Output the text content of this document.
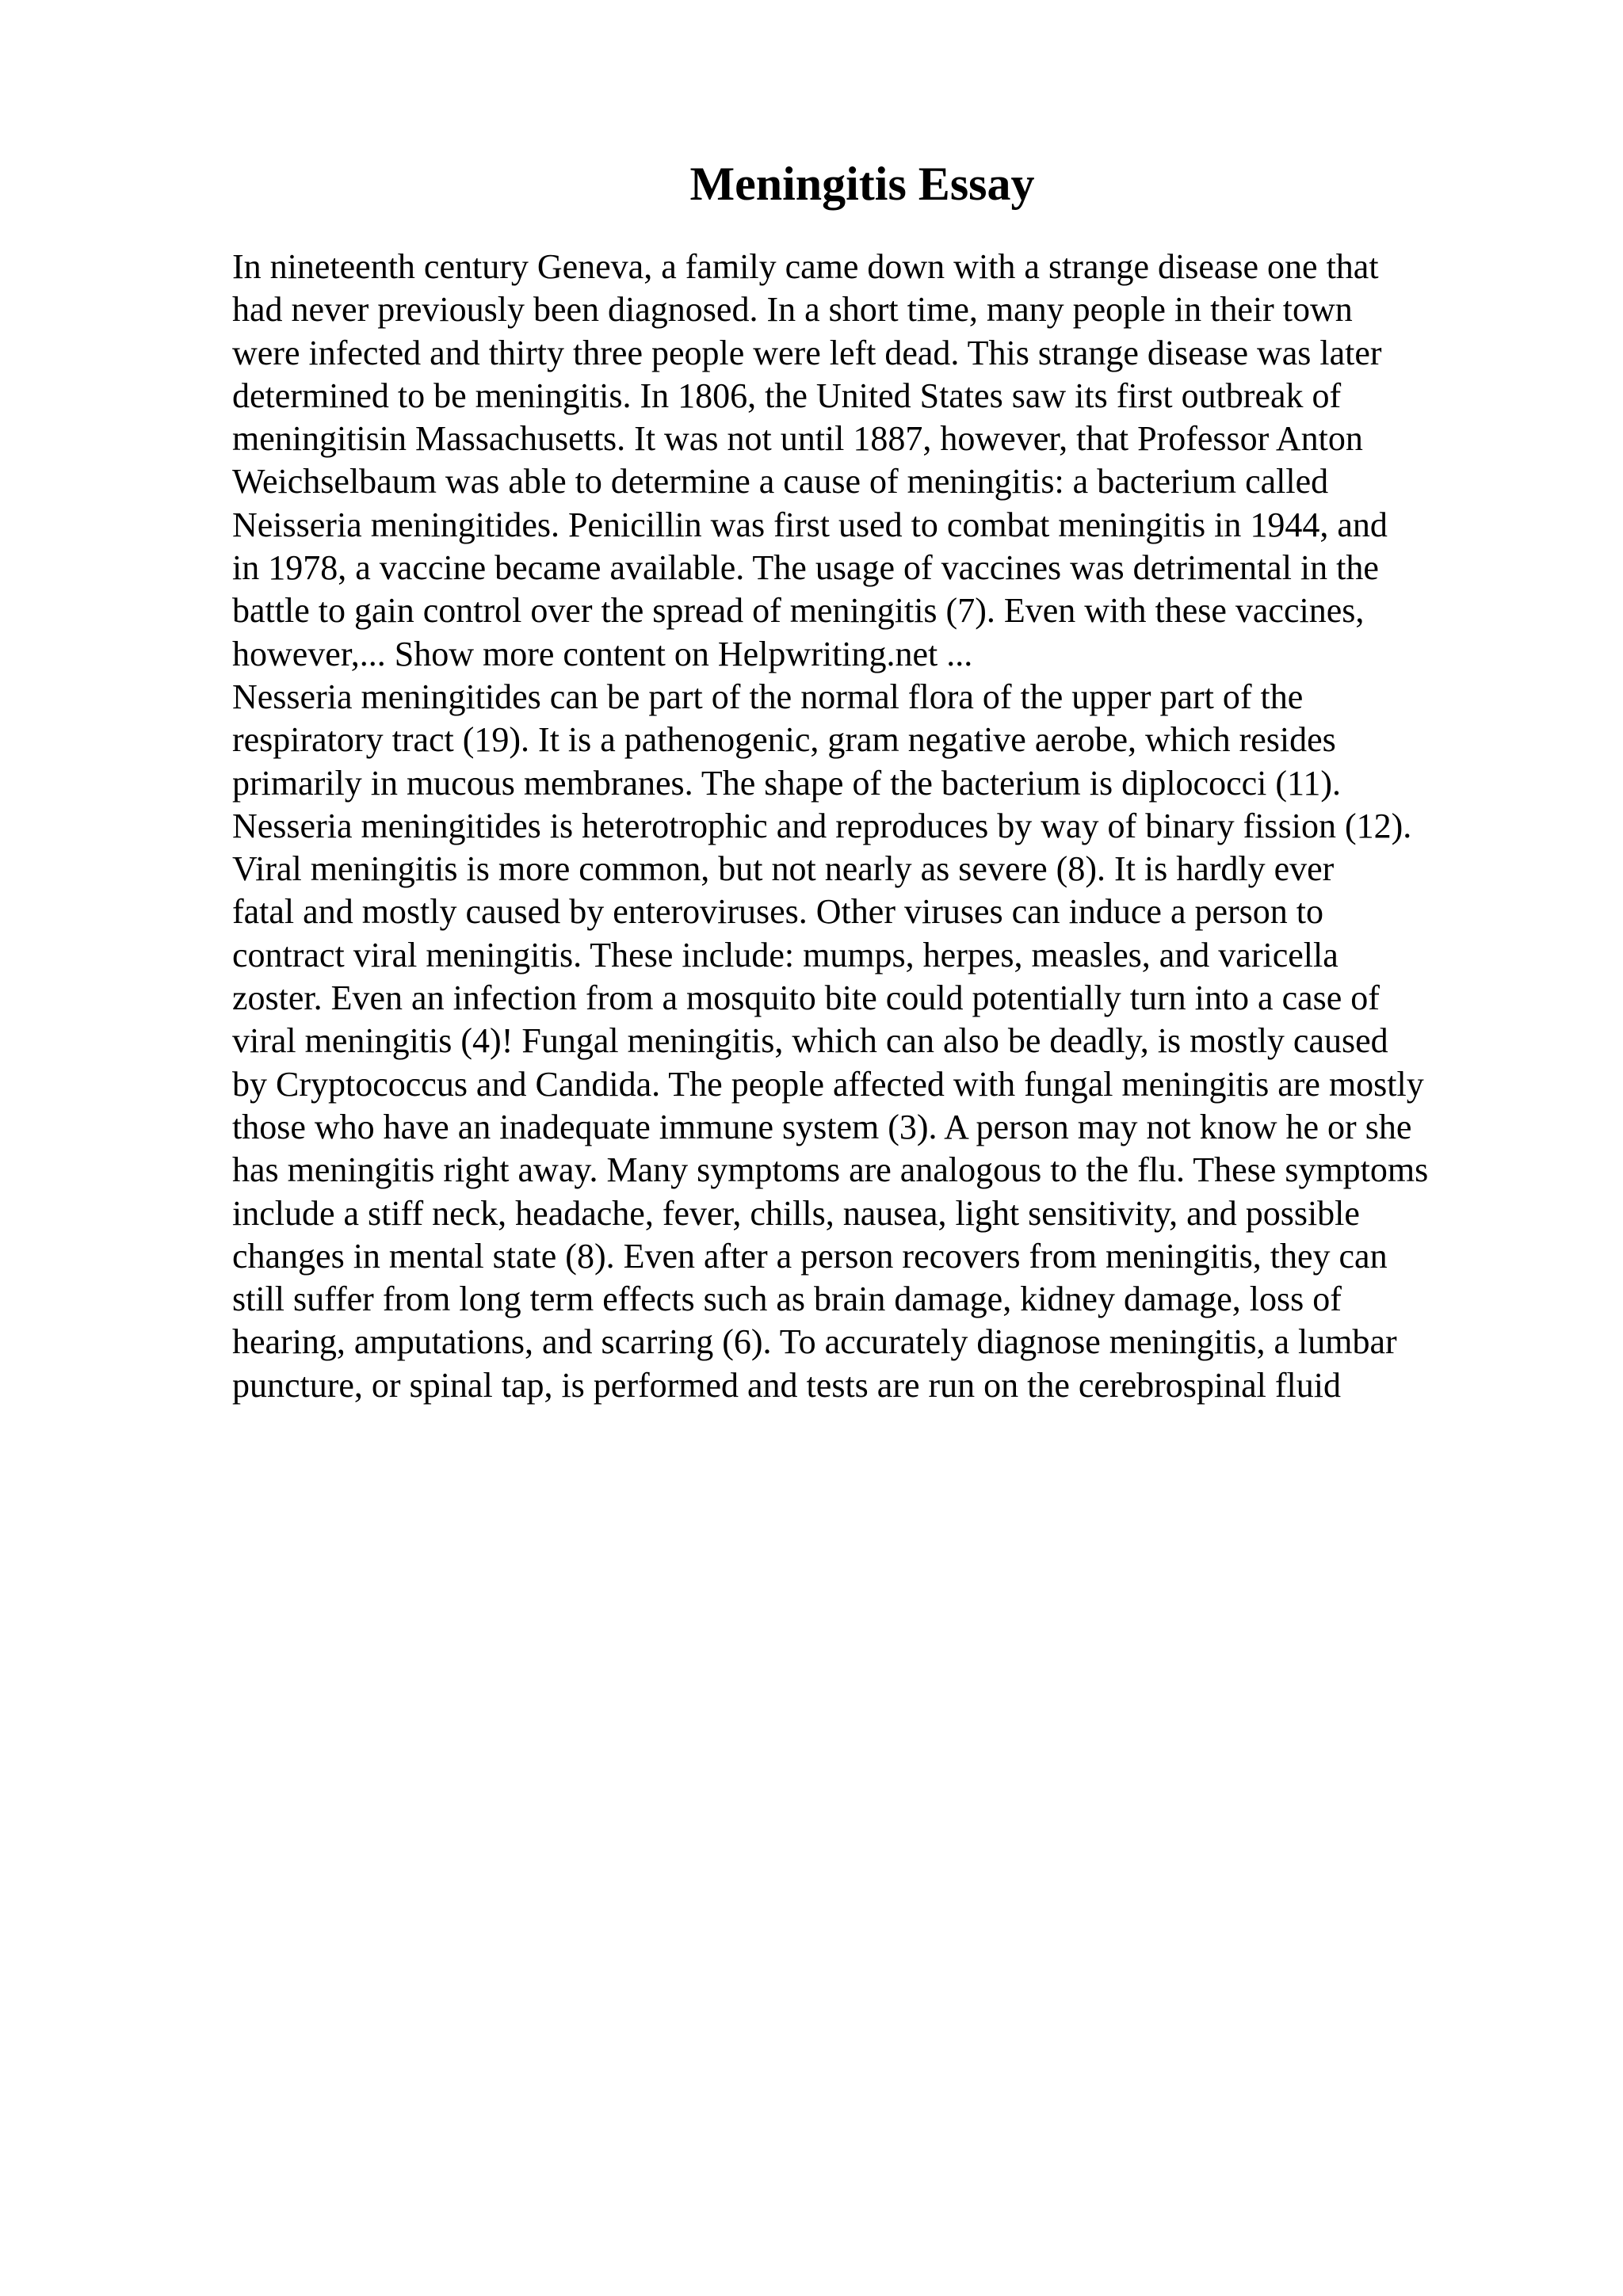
Meningitis Essay
In nineteenth century Geneva, a family came down with a strange disease one that
had never previously been diagnosed. In a short time, many people in their town
were infected and thirty three people were left dead. This strange disease was later
determined to be meningitis. In 1806, the United States saw its first outbreak of
meningitisin Massachusetts. It was not until 1887, however, that Professor Anton
Weichselbaum was able to determine a cause of meningitis: a bacterium called
Neisseria meningitides. Penicillin was first used to combat meningitis in 1944, and
in 1978, a vaccine became available. The usage of vaccines was detrimental in the
battle to gain control over the spread of meningitis (7). Even with these vaccines,
however,... Show more content on Helpwriting.net ...
Nesseria meningitides can be part of the normal flora of the upper part of the
respiratory tract (19). It is a pathenogenic, gram negative aerobe, which resides
primarily in mucous membranes. The shape of the bacterium is diplococci (11).
Nesseria meningitides is heterotrophic and reproduces by way of binary fission (12).
Viral meningitis is more common, but not nearly as severe (8). It is hardly ever
fatal and mostly caused by enteroviruses. Other viruses can induce a person to
contract viral meningitis. These include: mumps, herpes, measles, and varicella
zoster. Even an infection from a mosquito bite could potentially turn into a case of
viral meningitis (4)! Fungal meningitis, which can also be deadly, is mostly caused
by Cryptococcus and Candida. The people affected with fungal meningitis are mostly
those who have an inadequate immune system (3). A person may not know he or she
has meningitis right away. Many symptoms are analogous to the flu. These symptoms
include a stiff neck, headache, fever, chills, nausea, light sensitivity, and possible
changes in mental state (8). Even after a person recovers from meningitis, they can
still suffer from long term effects such as brain damage, kidney damage, loss of
hearing, amputations, and scarring (6). To accurately diagnose meningitis, a lumbar
puncture, or spinal tap, is performed and tests are run on the cerebrospinal fluid
